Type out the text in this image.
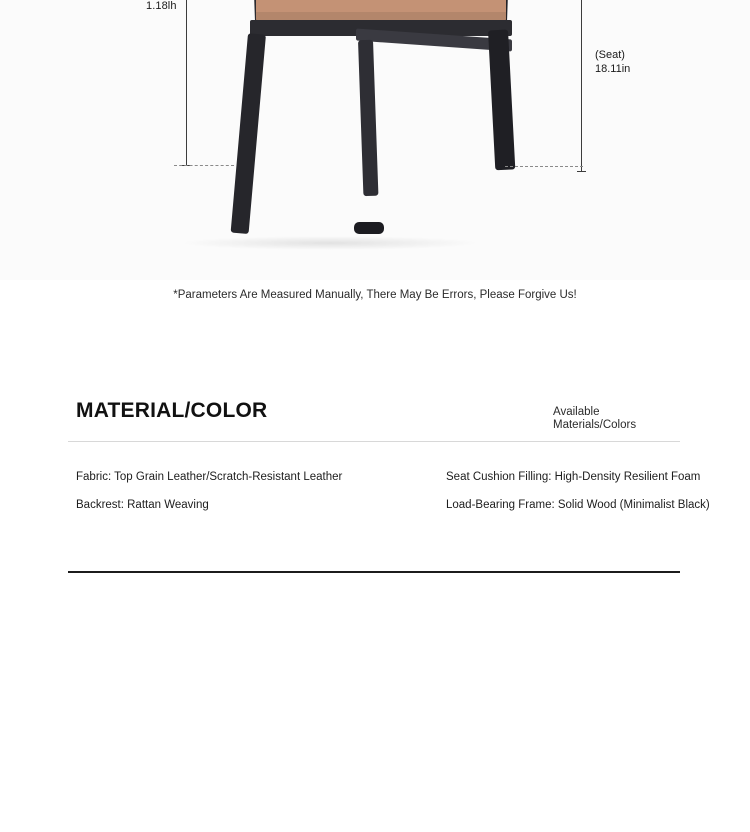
1.18lh
(Seat) 18.11in
*Parameters Are Measured Manually, There May Be Errors, Please Forgive Us!
MATERIAL/COLOR	Available
Materials/Colors
Fabric: Top Grain Leather/Scratch-Resistant Leather
Backrest: Rattan Weaving
Seat Cushion Filling: High-Density Resilient Foam
Load-Bearing Frame: Solid Wood (Minimalist Black)
